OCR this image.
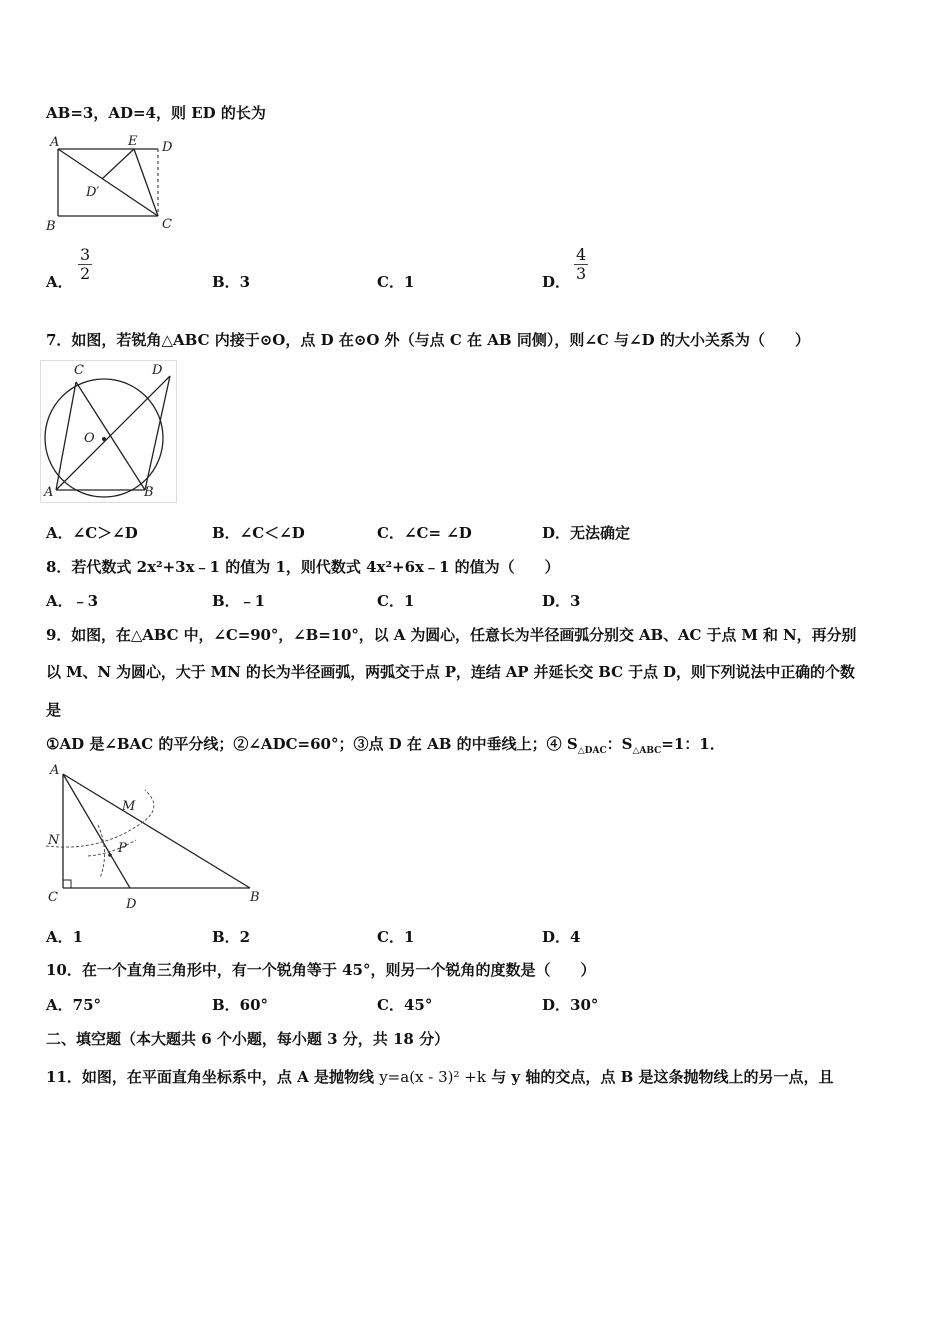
AB=3，AD=4，则 ED 的长为
A	E D
D′
B	C
A．
3
2	B．3	C．1	D．
4
3
7．如图，若锐角△ABC 内接于⊙O，点 D 在⊙O 外（与点 C 在 AB 同侧），则∠C 与∠D 的大小关系为（　　）
C	D
O
A	B
A．∠C＞∠D	B．∠C＜∠D	C．∠C= ∠D	D．无法确定
8．若代数式 2x²+3x﹣1 的值为 1，则代数式 4x²+6x﹣1 的值为（　　）
A．﹣3	B．﹣1	C．1	D．3
9．如图，在△ABC 中，∠C=90°，∠B=10°，以 A 为圆心，任意长为半径画弧分别交 AB、AC 于点 M 和 N，再分别
以 M、N 为圆心，大于 MN 的长为半径画弧，两弧交于点 P，连结 AP 并延长交 BC 于点 D，则下列说法中正确的个数
是
①AD 是∠BAC 的平分线；②∠ADC=60°；③点 D 在 AB 的中垂线上；④ $S_{\triangle DAC}$：$S_{\triangle ABC}=1$：1．
A
M
N
P
C	D	B
A．1	B．2	C．1	D．4
10．在一个直角三角形中，有一个锐角等于 45°，则另一个锐角的度数是（　　）
A．75°	B．60°	C．45°	D．30°
二、填空题（本大题共 6 个小题，每小题 3 分，共 18 分）
11．如图，在平面直角坐标系中，点 A 是抛物线 y=a(x - 3)² +k 与 y 轴的交点，点 B 是这条抛物线上的另一点，且
